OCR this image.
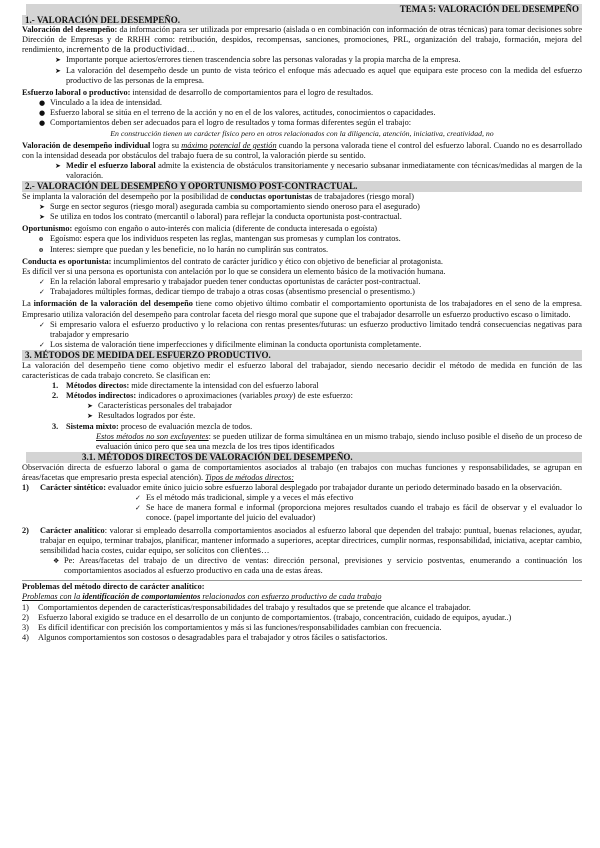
TEMA 5: VALORACIÓN DEL DESEMPEÑO
1.- VALORACIÓN DEL DESEMPEÑO.

Valoración del desempeño: da información para ser utilizada por empresario (aislada o en combinación con información de otras técnicas) para tomar decisiones sobre Dirección de Empresas y de RRHH como: retribución, despidos, recompensas, sanciones, promociones, PRL, organización del trabajo, formación, mejora del rendimiento, incremento de la productividad…

➤ Importante porque aciertos/errores tienen trascendencia sobre las personas valoradas y la propia marcha de la empresa.
➤ La valoración del desempeño desde un punto de vista teórico el enfoque más adecuado es aquel que equipara este proceso con la medida del esfuerzo productivo de las personas de la empresa.

Esfuerzo laboral o productivo: intensidad de desarrollo de comportamientos para el logro de resultados.

● Vinculado a la idea de intensidad.
● Esfuerzo laboral se sitúa en el terreno de la acción y no en el de los valores, actitudes, conocimientos o capacidades.
● Comportamientos deben ser adecuados para el logro de resultados y toma formas diferentes según el trabajo:

En construcción tienen un carácter físico pero en otros relacionados con la diligencia, atención, iniciativa, creatividad, no

Valoración de desempeño individual logra su máximo potencial de gestión cuando la persona valorada tiene el control del esfuerzo laboral. Cuando no es desarrollado con la intensidad deseada por obstáculos del trabajo fuera de su control, la valoración pierde su sentido.

➤ Medir el esfuerzo laboral admite la existencia de obstáculos transitoriamente y necesario subsanar inmediatamente con técnicas/medidas al margen de la valoración.
2.- VALORACIÓN DEL DESEMPEÑO Y OPORTUNISMO POST-CONTRACTUAL.

Se implanta la valoración del desempeño por la posibilidad de conductas oportunistas de trabajadores (riesgo moral)

➤ Surge en sector seguros (riesgo moral) asegurada cambia su comportamiento siendo oneroso para el asegurado)
➤ Se utiliza en todos los contrato (mercantil o laboral) para reflejar la conducta oportunista post-contractual.

Oportunismo: egoísmo con engaño o auto-interés con malicia (diferente de conducta interesada o egoísta)

o Egoísmo: espera que los individuos respeten las reglas, mantengan sus promesas y cumplan los contratos.
o Interes: siempre que puedan y les beneficie, no lo harán no cumplirán sus contratos.

Conducta es oportunista: incumplimientos del contrato de carácter jurídico y ético con objetivo de beneficiar al protagonista.

Es difícil ver si una persona es oportunista con antelación por lo que se considera un elemento básico de la motivación humana.

✓ En la relación laboral empresario y trabajador pueden tener conductas oportunistas de carácter post-contractual.
✓ Trabajadores múltiples formas, dedicar tiempo de trabajo a otras cosas (absentismo presencial o presentismo.)

La información de la valoración del desempeño tiene como objetivo último combatir el comportamiento oportunista de los trabajadores en el seno de la empresa. Empresario utiliza valoración del desempeño para controlar faceta del riesgo moral que supone que el trabajador desarrolle un esfuerzo productivo escaso o limitado.

✓ Si empresario valora el esfuerzo productivo y lo relaciona con rentas presentes/futuras: un esfuerzo productivo limitado tendrá consecuencias negativas para trabajador y empresario
✓ Los sistema de valoración tiene imperfecciones y difícilmente eliminan la conducta oportunista completamente.
3. MÉTODOS DE MEDIDA DEL ESFUERZO PRODUCTIVO.

La valoración del desempeño tiene como objetivo medir el esfuerzo laboral del trabajador, siendo necesario decidir el método de medida en función de las características de cada trabajo concreto. Se clasifican en:

1. Métodos directos: mide directamente la intensidad con del esfuerzo laboral
2. Métodos indirectos: indicadores o aproximaciones (variables proxy) de este esfuerzo:
➤ Características personales del trabajador
➤ Resultados logrados por éste.
3. Sistema mixto: proceso de evaluación mezcla de todos.

Estos métodos no son excluyentes: se pueden utilizar de forma simultánea en un mismo trabajo, siendo incluso posible el diseño de un proceso de evaluación único pero que sea una mezcla de los tres tipos identificados

3.1. MÉTODOS DIRECTOS DE VALORACIÓN DEL DESEMPEÑO.

Observación directa de esfuerzo laboral o gama de comportamientos asociados al trabajo (en trabajos con muchas funciones y responsabilidades, se agrupan en áreas/facetas que empresario presta especial atención). Tipos de métodos directos:

1) Carácter sintético: evaluador emite único juicio sobre esfuerzo laboral desplegado por trabajador durante un periodo determinado basado en la observación.
✓ Es el método más tradicional, simple y a veces el más efectivo
✓ Se hace de manera formal e informal (proporciona mejores resultados cuando el trabajo es fácil de observar y el evaluador lo conoce. (papel importante del juicio del evaluador)
2) Carácter analítico: valorar si empleado desarrolla comportamientos asociados al esfuerzo laboral que dependen del trabajo: puntual, buenas relaciones, ayudar, trabajar en equipo, terminar trabajos, planificar, mantener informado a superiores, aceptar directrices, cumplir normas, responsabilidad, iniciativa, aceptar cambio, sensibilidad hacia costes, cuidar equipo, ser solícitos con clientes…
❖ Pe: Areas/facetas del trabajo de un directivo de ventas: dirección personal, previsiones y servicio postventas, enumerando a continuación los comportamientos asociados al esfuerzo productivo en cada una de estas áreas.

Problemas del método directo de carácter analítico:

Problemas con la identificación de comportamientos relacionados con esfuerzo productivo de cada trabajo

1) Comportamientos dependen de características/responsabilidades del trabajo y resultados que se pretende que alcance el trabajador.
2) Esfuerzo laboral exigido se traduce en el desarrollo de un conjunto de comportamientos. (trabajo, concentración, cuidado de equipos, ayudar..)
3) Es difícil identificar con precisión los comportamientos y más si las funciones/responsabilidades cambian con frecuencia.
4) Algunos comportamientos son costosos o desagradables para el trabajador y otros fáciles o satisfactorios.
